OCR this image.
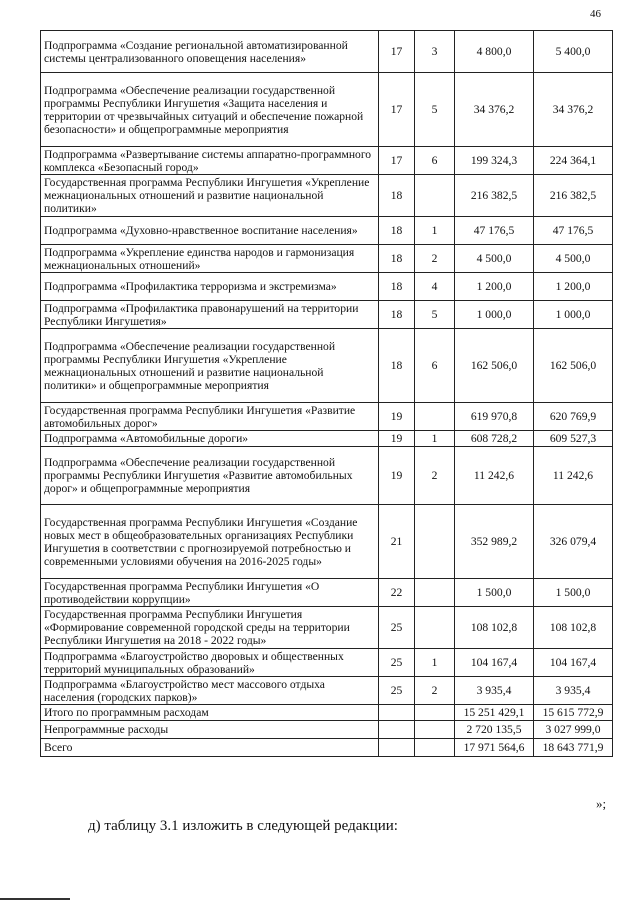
46
Подпрограмма «Создание региональной автоматизированной системы централизованного оповещения населения»	17	3	4 800,0	5 400,0
Подпрограмма «Обеспечение реализации государственной программы Республики Ингушетия «Защита населения и территории от чрезвычайных ситуаций и обеспечение пожарной безопасности» и общепрограммные мероприятия	17	5	34 376,2	34 376,2
Подпрограмма «Развертывание системы аппаратно-программного комплекса «Безопасный город»	17	6	199 324,3	224 364,1
Государственная программа Республики Ингушетия «Укрепление межнациональных отношений и развитие национальной политики»	18		216 382,5	216 382,5
Подпрограмма «Духовно-нравственное воспитание населения»	18	1	47 176,5	47 176,5
Подпрограмма «Укрепление единства народов и гармонизация межнациональных отношений»	18	2	4 500,0	4 500,0
Подпрограмма «Профилактика терроризма и экстремизма»	18	4	1 200,0	1 200,0
Подпрограмма «Профилактика правонарушений на территории Республики Ингушетия»	18	5	1 000,0	1 000,0
Подпрограмма «Обеспечение реализации государственной программы Республики Ингушетия «Укрепление межнациональных отношений и развитие национальной политики» и общепрограммные мероприятия	18	6	162 506,0	162 506,0
Государственная программа Республики Ингушетия «Развитие автомобильных дорог»	19		619 970,8	620 769,9
Подпрограмма «Автомобильные дороги»	19	1	608 728,2	609 527,3
Подпрограмма «Обеспечение реализации государственной программы Республики Ингушетия «Развитие автомобильных дорог» и общепрограммные мероприятия	19	2	11 242,6	11 242,6
Государственная программа Республики Ингушетия «Создание новых мест в общеобразовательных организациях Республики Ингушетия в соответствии с прогнозируемой потребностью и современными условиями обучения на 2016-2025 годы»	21		352 989,2	326 079,4
Государственная программа Республики Ингушетия «О противодействии коррупции»	22		1 500,0	1 500,0
Государственная программа Республики Ингушетия «Формирование современной городской среды на территории Республики Ингушетия на 2018 - 2022 годы»	25		108 102,8	108 102,8
Подпрограмма «Благоустройство дворовых и общественных территорий муниципальных образований»	25	1	104 167,4	104 167,4
Подпрограмма «Благоустройство мест массового отдыха населения (городских парков)»	25	2	3 935,4	3 935,4
Итого по программным расходам			15 251 429,1	15 615 772,9
Непрограммные расходы			2 720 135,5	3 027 999,0
Всего			17 971 564,6	18 643 771,9
»;
д) таблицу 3.1 изложить в следующей редакции:
